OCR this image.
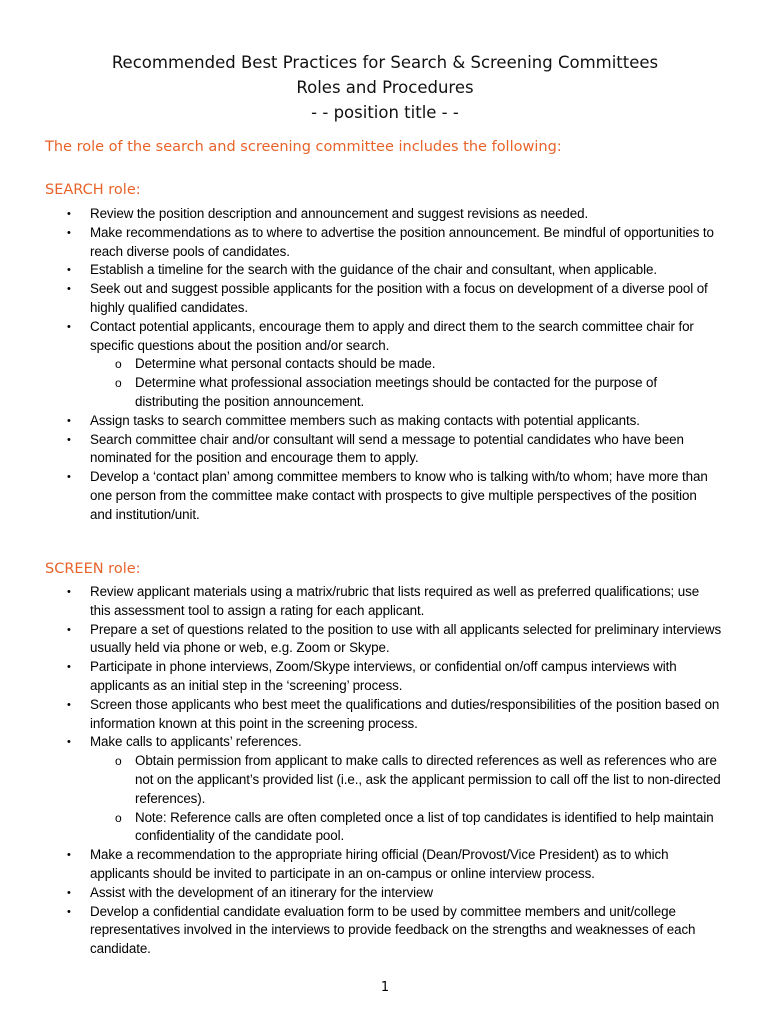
Recommended Best Practices for Search & Screening Committees
Roles and Procedures
- - position title - -
The role of the search and screening committee includes the following:
SEARCH role:
• Review the position description and announcement and suggest revisions as needed.
• Make recommendations as to where to advertise the position announcement. Be mindful of opportunities to reach diverse pools of candidates.
• Establish a timeline for the search with the guidance of the chair and consultant, when applicable.
• Seek out and suggest possible applicants for the position with a focus on development of a diverse pool of highly qualified candidates.
• Contact potential applicants, encourage them to apply and direct them to the search committee chair for specific questions about the position and/or search.
o Determine what personal contacts should be made.
o Determine what professional association meetings should be contacted for the purpose of distributing the position announcement.
• Assign tasks to search committee members such as making contacts with potential applicants.
• Search committee chair and/or consultant will send a message to potential candidates who have been nominated for the position and encourage them to apply.
• Develop a ‘contact plan’ among committee members to know who is talking with/to whom; have more than one person from the committee make contact with prospects to give multiple perspectives of the position and institution/unit.
SCREEN role:
• Review applicant materials using a matrix/rubric that lists required as well as preferred qualifications; use this assessment tool to assign a rating for each applicant.
• Prepare a set of questions related to the position to use with all applicants selected for preliminary interviews usually held via phone or web, e.g. Zoom or Skype.
• Participate in phone interviews, Zoom/Skype interviews, or confidential on/off campus interviews with applicants as an initial step in the ‘screening’ process.
• Screen those applicants who best meet the qualifications and duties/responsibilities of the position based on information known at this point in the screening process.
• Make calls to applicants’ references.
o Obtain permission from applicant to make calls to directed references as well as references who are not on the applicant’s provided list (i.e., ask the applicant permission to call off the list to non-directed references).
o Note: Reference calls are often completed once a list of top candidates is identified to help maintain confidentiality of the candidate pool.
• Make a recommendation to the appropriate hiring official (Dean/Provost/Vice President) as to which applicants should be invited to participate in an on-campus or online interview process.
• Assist with the development of an itinerary for the interview
• Develop a confidential candidate evaluation form to be used by committee members and unit/college representatives involved in the interviews to provide feedback on the strengths and weaknesses of each candidate.
1
